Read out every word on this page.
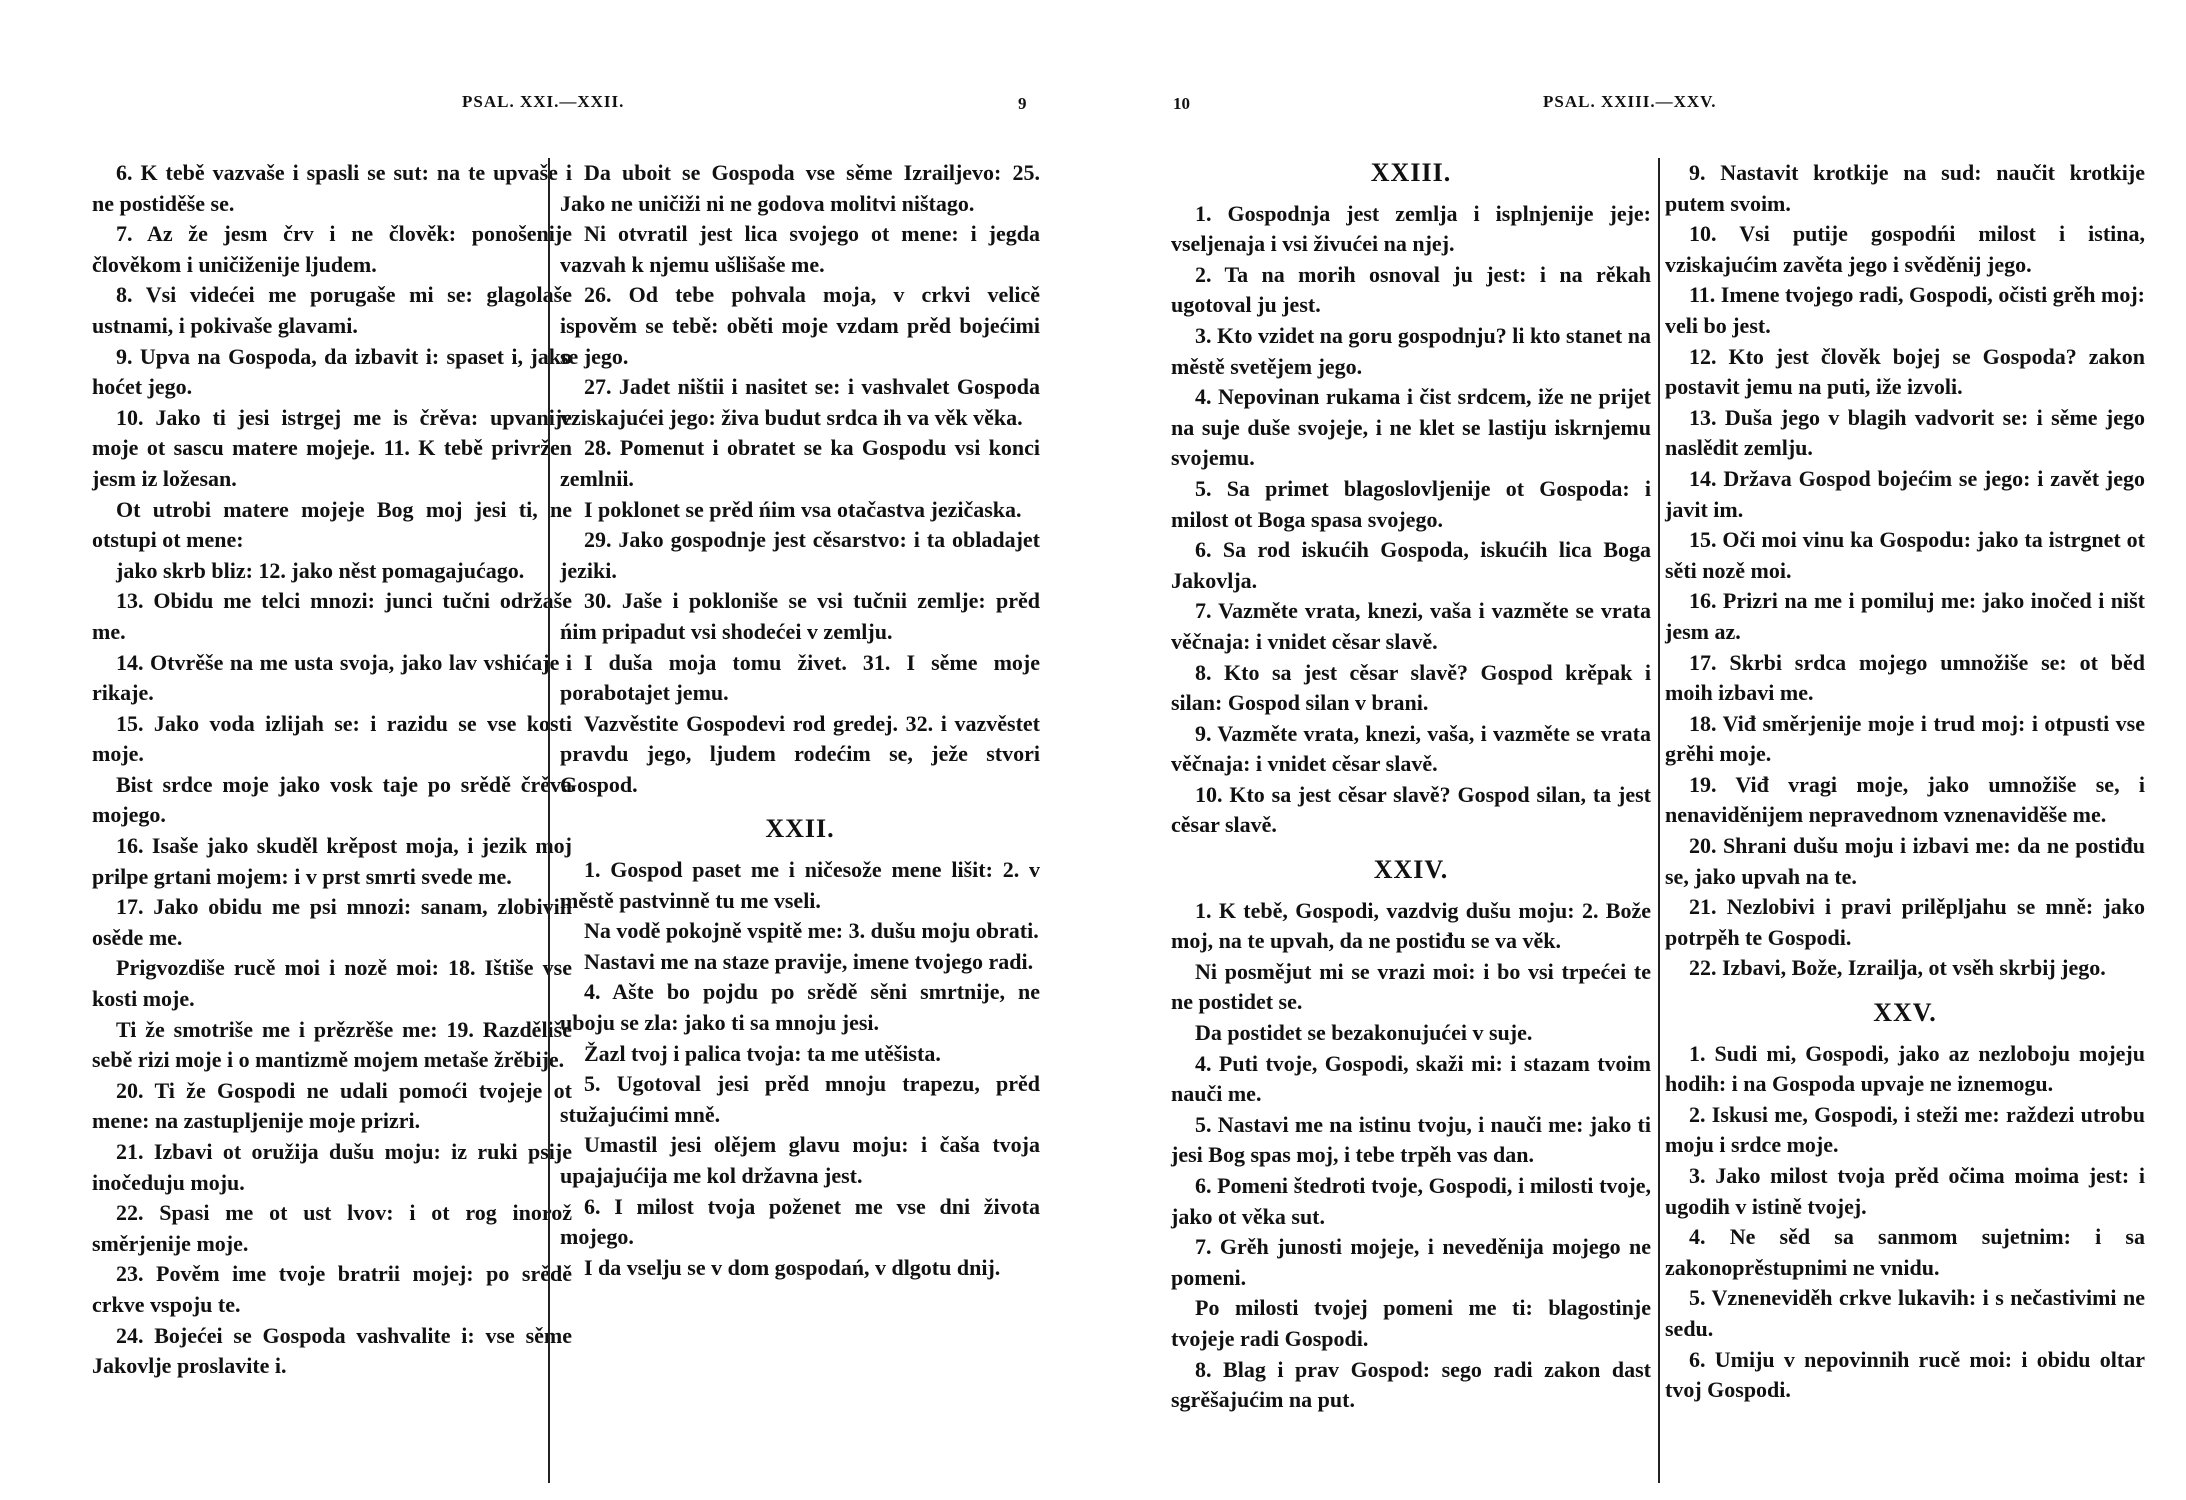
PSAL. XXI.—XXII.	9

6. K tebě vazvaše i spasli se sut: na te upvaše i ne postiděše se.

7. Az že jesm črv i ne člověk: ponošenije člověkom i uničiženije ljudem.

8. Vsi videćei me porugaše mi se: glagolaše ustnami, i pokivaše glavami.

9. Upva na Gospoda, da izbavit i: spaset i, jako hoćet jego.

10. Jako ti jesi istrgej me is črěva: upvanije moje ot sascu matere mojeje. 11. K tebě privržen jesm iz ložesan.

Ot utrobi matere mojeje Bog moj jesi ti, ne otstupi ot mene:

jako skrb bliz: 12. jako něst pomagajućago.

13. Obidu me telci mnozi: junci tučni održaše me.

14. Otvrěše na me usta svoja, jako lav vshićaje i rikaje.

15. Jako voda izlijah se: i razidu se vse kosti moje.

Bist srdce moje jako vosk taje po srědě črěva mojego.

16. Isaše jako skuděl krěpost moja, i jezik moj prilpe grtani mojem: i v prst smrti svede me.

17. Jako obidu me psi mnozi: sanam, zlobivih osěde me.

Prigvozdiše rucě moi i nozě moi: 18. Ištiše vse kosti moje.

Ti že smotriše me i prězrěše me: 19. Razděliše sebě rizi moje i o mantizmě mojem metaše žrěbije.

20. Ti že Gospodi ne udali pomoći tvojeje ot mene: na zastupljenije moje prizri.

21. Izbavi ot oružija dušu moju: iz ruki psije inočeduju moju.

22. Spasi me ot ust lvov: i ot rog inorož směrjenije moje.

23. Pověm ime tvoje bratrii mojej: po srědě crkve vspoju te.

24. Bojećei se Gospoda vashvalite i: vse sěme Jakovlje proslavite i.

Da uboit se Gospoda vse sěme Izrailjevo: 25. Jako ne uničiži ni ne godova molitvi ništago.

Ni otvratil jest lica svojego ot mene: i jegda vazvah k njemu ušlišaše me.

26. Od tebe pohvala moja, v crkvi velicě ispověm se tebě: oběti moje vzdam prěd bojećimi se jego.

27. Jadet ništii i nasitet se: i vashvalet Gospoda vziskajućei jego: živa budut srdca ih va věk věka.

28. Pomenut i obratet se ka Gospodu vsi konci zemlnii.

I poklonet se prěd ńim vsa otačastva jezičaska.

29. Jako gospodnje jest cěsarstvo: i ta obladajet jeziki.

30. Jaše i pokloniše se vsi tučnii zemlje: prěd ńim pripadut vsi shodećei v zemlju.

I duša moja tomu živet. 31. I sěme moje porabotajet jemu.

Vazvěstite Gospodevi rod gredej. 32. i vazvěstet pravdu jego, ljudem rodećim se, ježe stvori Gospod.

XXII.

1. Gospod paset me i ničesože mene lišit: 2. v městě pastvinně tu me vseli.

Na vodě pokojně vspitě me: 3. dušu moju obrati.

Nastavi me na staze pravije, imene tvojego radi.

4. Ašte bo pojdu po srědě sěni smrtnije, ne uboju se zla: jako ti sa mnoju jesi.

Žazl tvoj i palica tvoja: ta me utěšista.

5. Ugotoval jesi prěd mnoju trapezu, prěd stužajućimi mně.

Umastil jesi olějem glavu moju: i čaša tvoja upajajućija me kol državna jest.

6. I milost tvoja poženet me vse dni života mojego.

I da vselju se v dom gospodań, v dlgotu dnij.

10	PSAL. XXIII.—XXV.
XXIII.

1. Gospodnja jest zemlja i isplnjenije jeje: vseljenaja i vsi živućei na njej.

2. Ta na morih osnoval ju jest: i na rěkah ugotoval ju jest.

3. Kto vzidet na goru gospodnju? li kto stanet na městě svetějem jego.

4. Nepovinan rukama i čist srdcem, iže ne prijet na suje duše svojeje, i ne klet se lastiju iskrnjemu svojemu.

5. Sa primet blagoslovljenije ot Gospoda: i milost ot Boga spasa svojego.

6. Sa rod iskućih Gospoda, iskućih lica Boga Jakovlja.

7. Vazměte vrata, knezi, vaša i vazměte se vrata věčnaja: i vnidet cěsar slavě.

8. Kto sa jest cěsar slavě? Gospod krěpak i silan: Gospod silan v brani.

9. Vazměte vrata, knezi, vaša, i vazměte se vrata věčnaja: i vnidet cěsar slavě.

10. Kto sa jest cěsar slavě? Gospod silan, ta jest cěsar slavě.

XXIV.

1. K tebě, Gospodi, vazdvig dušu moju: 2. Bože moj, na te upvah, da ne postiđu se va věk.

Ni posměјut mi se vrazi moi: i bo vsi trpećei te ne postidet se.

Da postidet se bezakonujućei v suje.

4. Puti tvoje, Gospodi, skaži mi: i stazam tvoim nauči me.

5. Nastavi me na istinu tvoju, i nauči me: jako ti jesi Bog spas moj, i tebe trpěh vas dan.

6. Pomeni štedroti tvoje, Gospodi, i milosti tvoje, jako ot věka sut.

7. Grěh junosti mojeje, i neveděnija mojego ne pomeni.

Po milosti tvojej pomeni me ti: blagostinje tvojeje radi Gospodi.

8. Blag i prav Gospod: sego radi zakon dast sgrěšajućim na put.

9. Nastavit krotkije na sud: naučit krotkije putem svoim.

10. Vsi putije gospodńi milost i istina, vziskajućim zavěta jego i svěděnij jego.

11. Imene tvojego radi, Gospodi, očisti grěh moj: veli bo jest.

12. Kto jest člověk bojej se Gospoda? zakon postavit jemu na puti, iže izvoli.

13. Duša jego v blagih vadvorit se: i sěme jego naslědit zemlju.

14. Država Gospod bojećim se jego: i zavět jego javit im.

15. Oči moi vinu ka Gospodu: jako ta istrgnet ot sěti nozě moi.

16. Prizri na me i pomiluj me: jako inočed i ništ jesm az.

17. Skrbi srdca mojego umnožiše se: ot běd moih izbavi me.

18. Viđ směrjenije moje i trud moj: i otpusti vse grěhi moje.

19. Viđ vragi moje, jako umnožiše se, i nenaviděnijem nepravednom vznenaviděše me.

20. Shrani dušu moju i izbavi me: da ne postiđu se, jako upvah na te.

21. Nezlobivi i pravi prilěpljahu se mně: jako potrpěh te Gospodi.

22. Izbavi, Bože, Izrailja, ot vsěh skrbij jego.

XXV.

1. Sudi mi, Gospodi, jako az nezloboju mojeju hodih: i na Gospoda upvaje ne iznemogu.

2. Iskusi me, Gospodi, i steži me: raždezi utrobu moju i srdce moje.

3. Jako milost tvoja prěd očima moima jest: i ugodih v istině tvojej.

4. Ne sěd sa sanmom sujetnim: i sa zakonoprěstupnimi ne vnidu.

5. Vzneneviděh crkve lukavih: i s nečastivimi ne sedu.

6. Umiju v nepovinnih rucě moi: i obidu oltar tvoj Gospodi.
